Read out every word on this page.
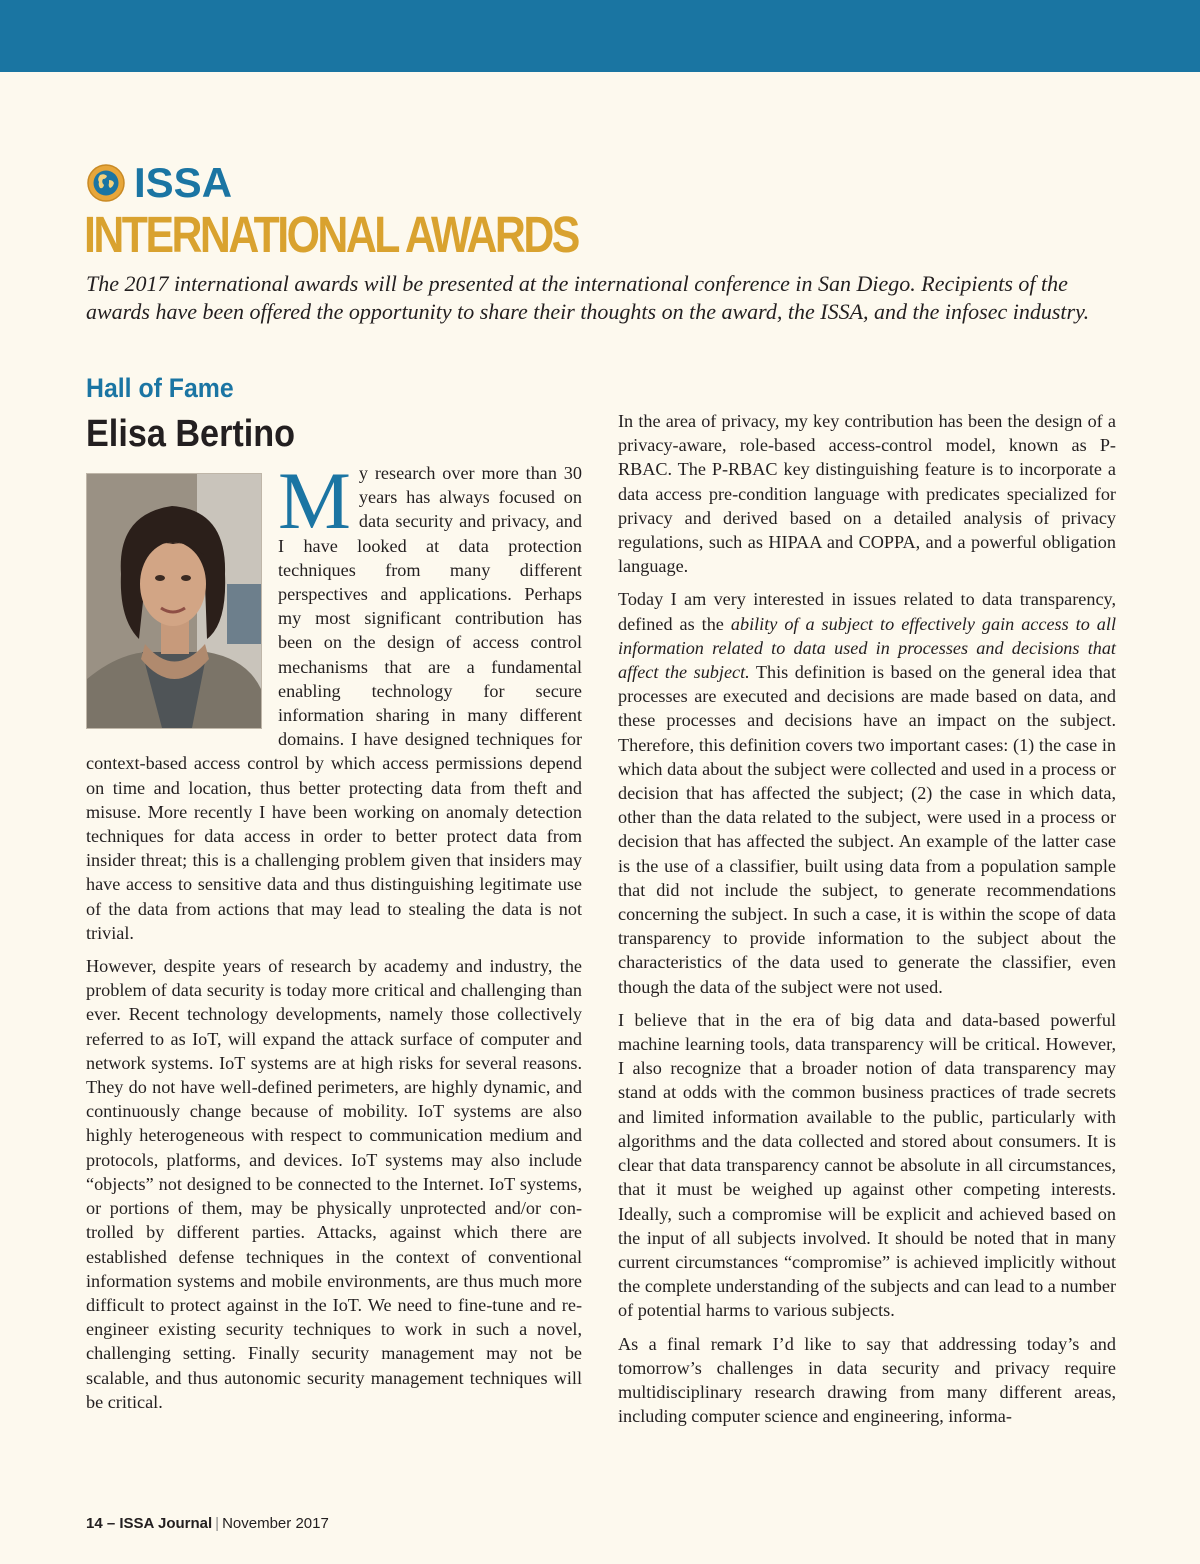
ISSA
INTERNATIONAL AWARDS
The 2017 international awards will be presented at the international conference in San Diego. Recipients of the awards have been offered the opportunity to share their thoughts on the award, the ISSA, and the infosec industry.
Hall of Fame
Elisa Bertino
M y research over more than 30 years has always focused on data security and privacy, and I have looked at data protection techniques from many different perspectives and applications. Perhaps my most significant contribution has been on the design of access control mechanisms that are a fundamental enabling technology for secure information sharing in many different domains. I have designed techniques for context-based access control by which access permissions depend on time and location, thus better protecting data from theft and misuse. More recently I have been working on anomaly detection techniques for data access in order to better protect data from insider threat; this is a challenging problem given that insiders may have access to sensitive data and thus distinguishing legitimate use of the data from actions that may lead to stealing the data is not trivial.

However, despite years of research by academy and industry, the problem of data security is today more critical and challenging than ever. Recent technology developments, namely those collectively referred to as IoT, will expand the attack surface of computer and network systems. IoT systems are at high risks for several reasons. They do not have well-defined perimeters, are highly dynamic, and continuously change because of mobility. IoT systems are also highly heterogeneous with respect to communication medium and protocols, platforms, and devices. IoT systems may also include “objects” not designed to be connected to the Internet. IoT systems, or portions of them, may be physically unprotected and/or controlled by different parties. Attacks, against which there are established defense techniques in the context of conventional information systems and mobile environments, are thus much more difficult to protect against in the IoT. We need to fine-tune and re-engineer existing security techniques to work in such a novel, challenging setting. Finally security management may not be scalable, and thus autonomic security management techniques will be critical.

In the area of privacy, my key contribution has been the design of a privacy-aware, role-based access-control model, known as P-RBAC. The P-RBAC key distinguishing feature is to incorporate a data access pre-condition language with predicates specialized for privacy and derived based on a detailed analysis of privacy regulations, such as HIPAA and COPPA, and a powerful obligation language.

Today I am very interested in issues related to data transparency, defined as the ability of a subject to effectively gain access to all information related to data used in processes and decisions that affect the subject. This definition is based on the general idea that processes are executed and decisions are made based on data, and these processes and decisions have an impact on the subject. Therefore, this definition covers two important cases: (1) the case in which data about the subject were collected and used in a process or decision that has affected the subject; (2) the case in which data, other than the data related to the subject, were used in a process or decision that has affected the subject. An example of the latter case is the use of a classifier, built using data from a population sample that did not include the subject, to generate recommendations concerning the subject. In such a case, it is within the scope of data transparency to provide information to the subject about the characteristics of the data used to generate the classifier, even though the data of the subject were not used.

I believe that in the era of big data and data-based powerful machine learning tools, data transparency will be critical. However, I also recognize that a broader notion of data transparency may stand at odds with the common business practices of trade secrets and limited information available to the public, particularly with algorithms and the data collected and stored about consumers. It is clear that data transparency cannot be absolute in all circumstances, that it must be weighed up against other competing interests. Ideally, such a compromise will be explicit and achieved based on the input of all subjects involved. It should be noted that in many current circumstances “compromise” is achieved implicitly without the complete understanding of the subjects and can lead to a number of potential harms to various subjects.

As a final remark I’d like to say that addressing today’s and tomorrow’s challenges in data security and privacy require multidisciplinary research drawing from many different areas, including computer science and engineering, informa-

14 – ISSA Journal | November 2017
